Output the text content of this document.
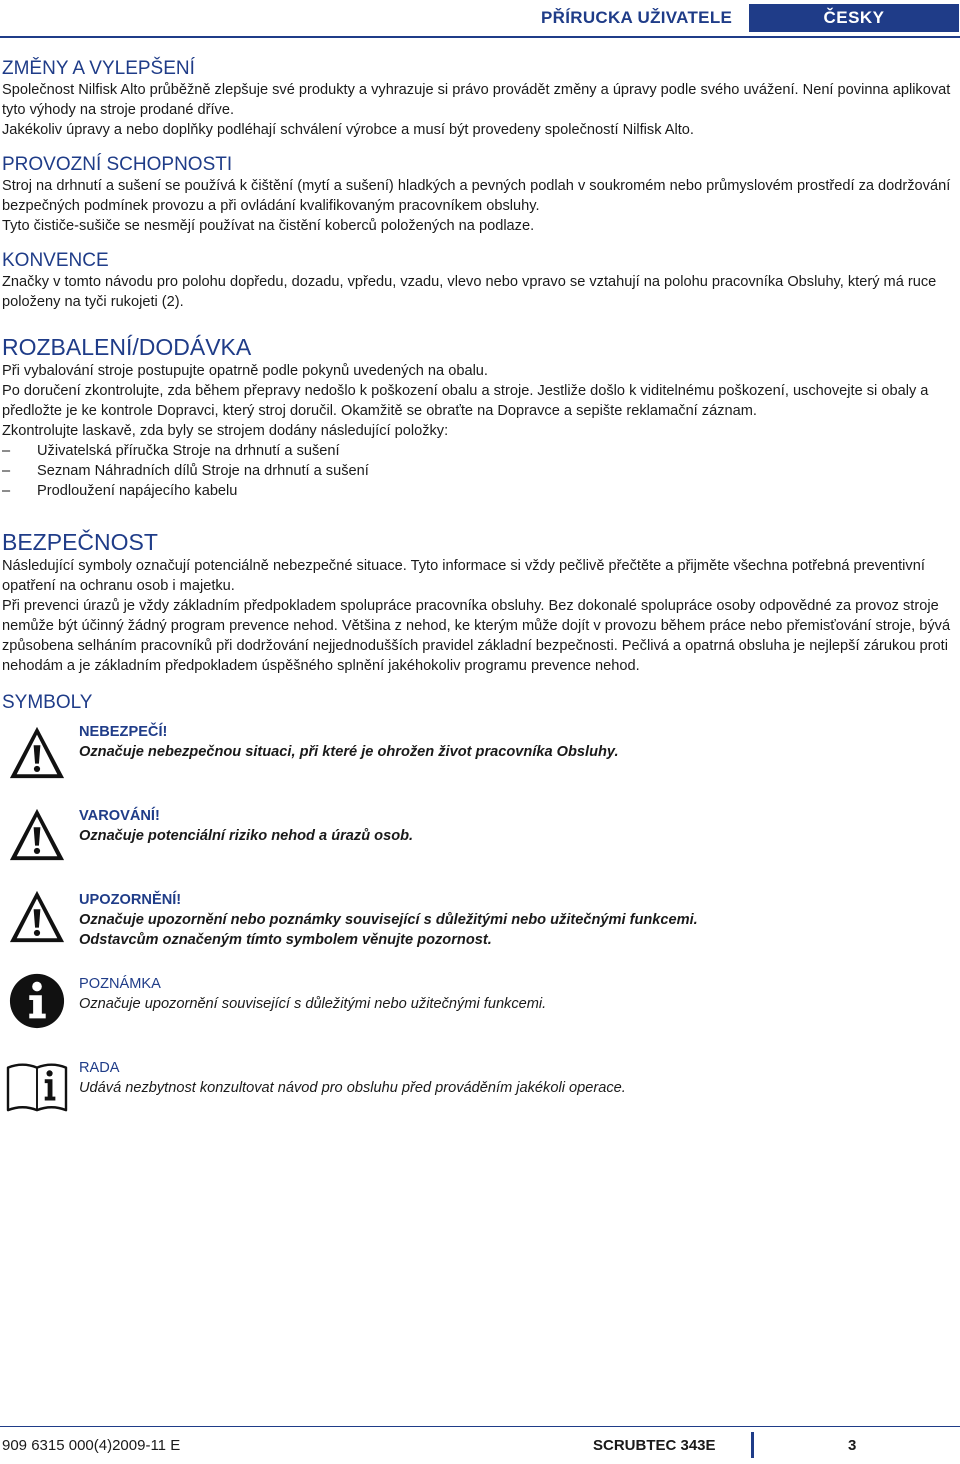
PŘÍRUCKA UŽIVATELE	ČESKY
ZMĚNY A VYLEPŠENÍ

Společnost Nilfisk Alto průběžně zlepšuje své produkty a vyhrazuje si právo provádět změny a úpravy podle svého uvážení. Není povinna aplikovat tyto výhody na stroje prodané dříve.

Jakékoliv úpravy a nebo doplňky podléhají schválení výrobce a musí být provedeny společností Nilfisk Alto.

PROVOZNÍ SCHOPNOSTI

Stroj na drhnutí a sušení se používá k čištění (mytí a sušení) hladkých a pevných podlah v soukromém nebo průmyslovém prostředí za dodržování bezpečných podmínek provozu a při ovládání kvalifikovaným pracovníkem obsluhy.

Tyto čističe-sušiče se nesmějí používat na čistění koberců položených na podlaze.

KONVENCE

Značky v tomto návodu pro polohu dopředu, dozadu, vpředu, vzadu, vlevo nebo vpravo se vztahují na polohu pracovníka Obsluhy, který má ruce položeny na tyči rukojeti (2).

ROZBALENÍ/DODÁVKA

Při vybalování stroje postupujte opatrně podle pokynů uvedených na obalu.

Po doručení zkontrolujte, zda během přepravy nedošlo k poškození obalu a stroje. Jestliže došlo k viditelnému poškození, uschovejte si obaly a předložte je ke kontrole Dopravci, který stroj doručil. Okamžitě se obraťte na Dopravce a sepište reklamační záznam.

Zkontrolujte laskavě, zda byly se strojem dodány následující položky:

–	Uživatelská příručka Stroje na drhnutí a sušení
–	Seznam Náhradních dílů Stroje na drhnutí a sušení
–	Prodloužení napájecího kabelu
BEZPEČNOST

Následující symboly označují potenciálně nebezpečné situace. Tyto informace si vždy pečlivě přečtěte a přijměte všechna potřebná preventivní opatření na ochranu osob i majetku.

Při prevenci úrazů je vždy základním předpokladem spolupráce pracovníka obsluhy. Bez dokonalé spolupráce osoby odpovědné za provoz stroje nemůže být účinný žádný program prevence nehod. Většina z nehod, ke kterým může dojít v provozu během práce nebo přemisťování stroje, bývá způsobena selháním pracovníků při dodržování nejjednodušších pravidel základní bezpečnosti. Pečlivá a opatrná obsluha je nejlepší zárukou proti nehodám a je základním předpokladem úspěšného splnění jakéhokoliv programu prevence nehod.

SYMBOLY
NEBEZPEČÍ!
Označuje nebezpečnou situaci, při které je ohrožen život pracovníka Obsluhy.
VAROVÁNÍ!
Označuje potenciální riziko nehod a úrazů osob.
UPOZORNĚNÍ!
Označuje upozornění nebo poznámky související s důležitými nebo užitečnými funkcemi.
Odstavcům označeným tímto symbolem věnujte pozornost.
POZNÁMKA
Označuje upozornění související s důležitými nebo užitečnými funkcemi.
RADA
Udává nezbytnost konzultovat návod pro obsluhu před prováděním jakékoli operace.
909 6315 000(4)2009-11 E	SCRUBTEC 343E	3
